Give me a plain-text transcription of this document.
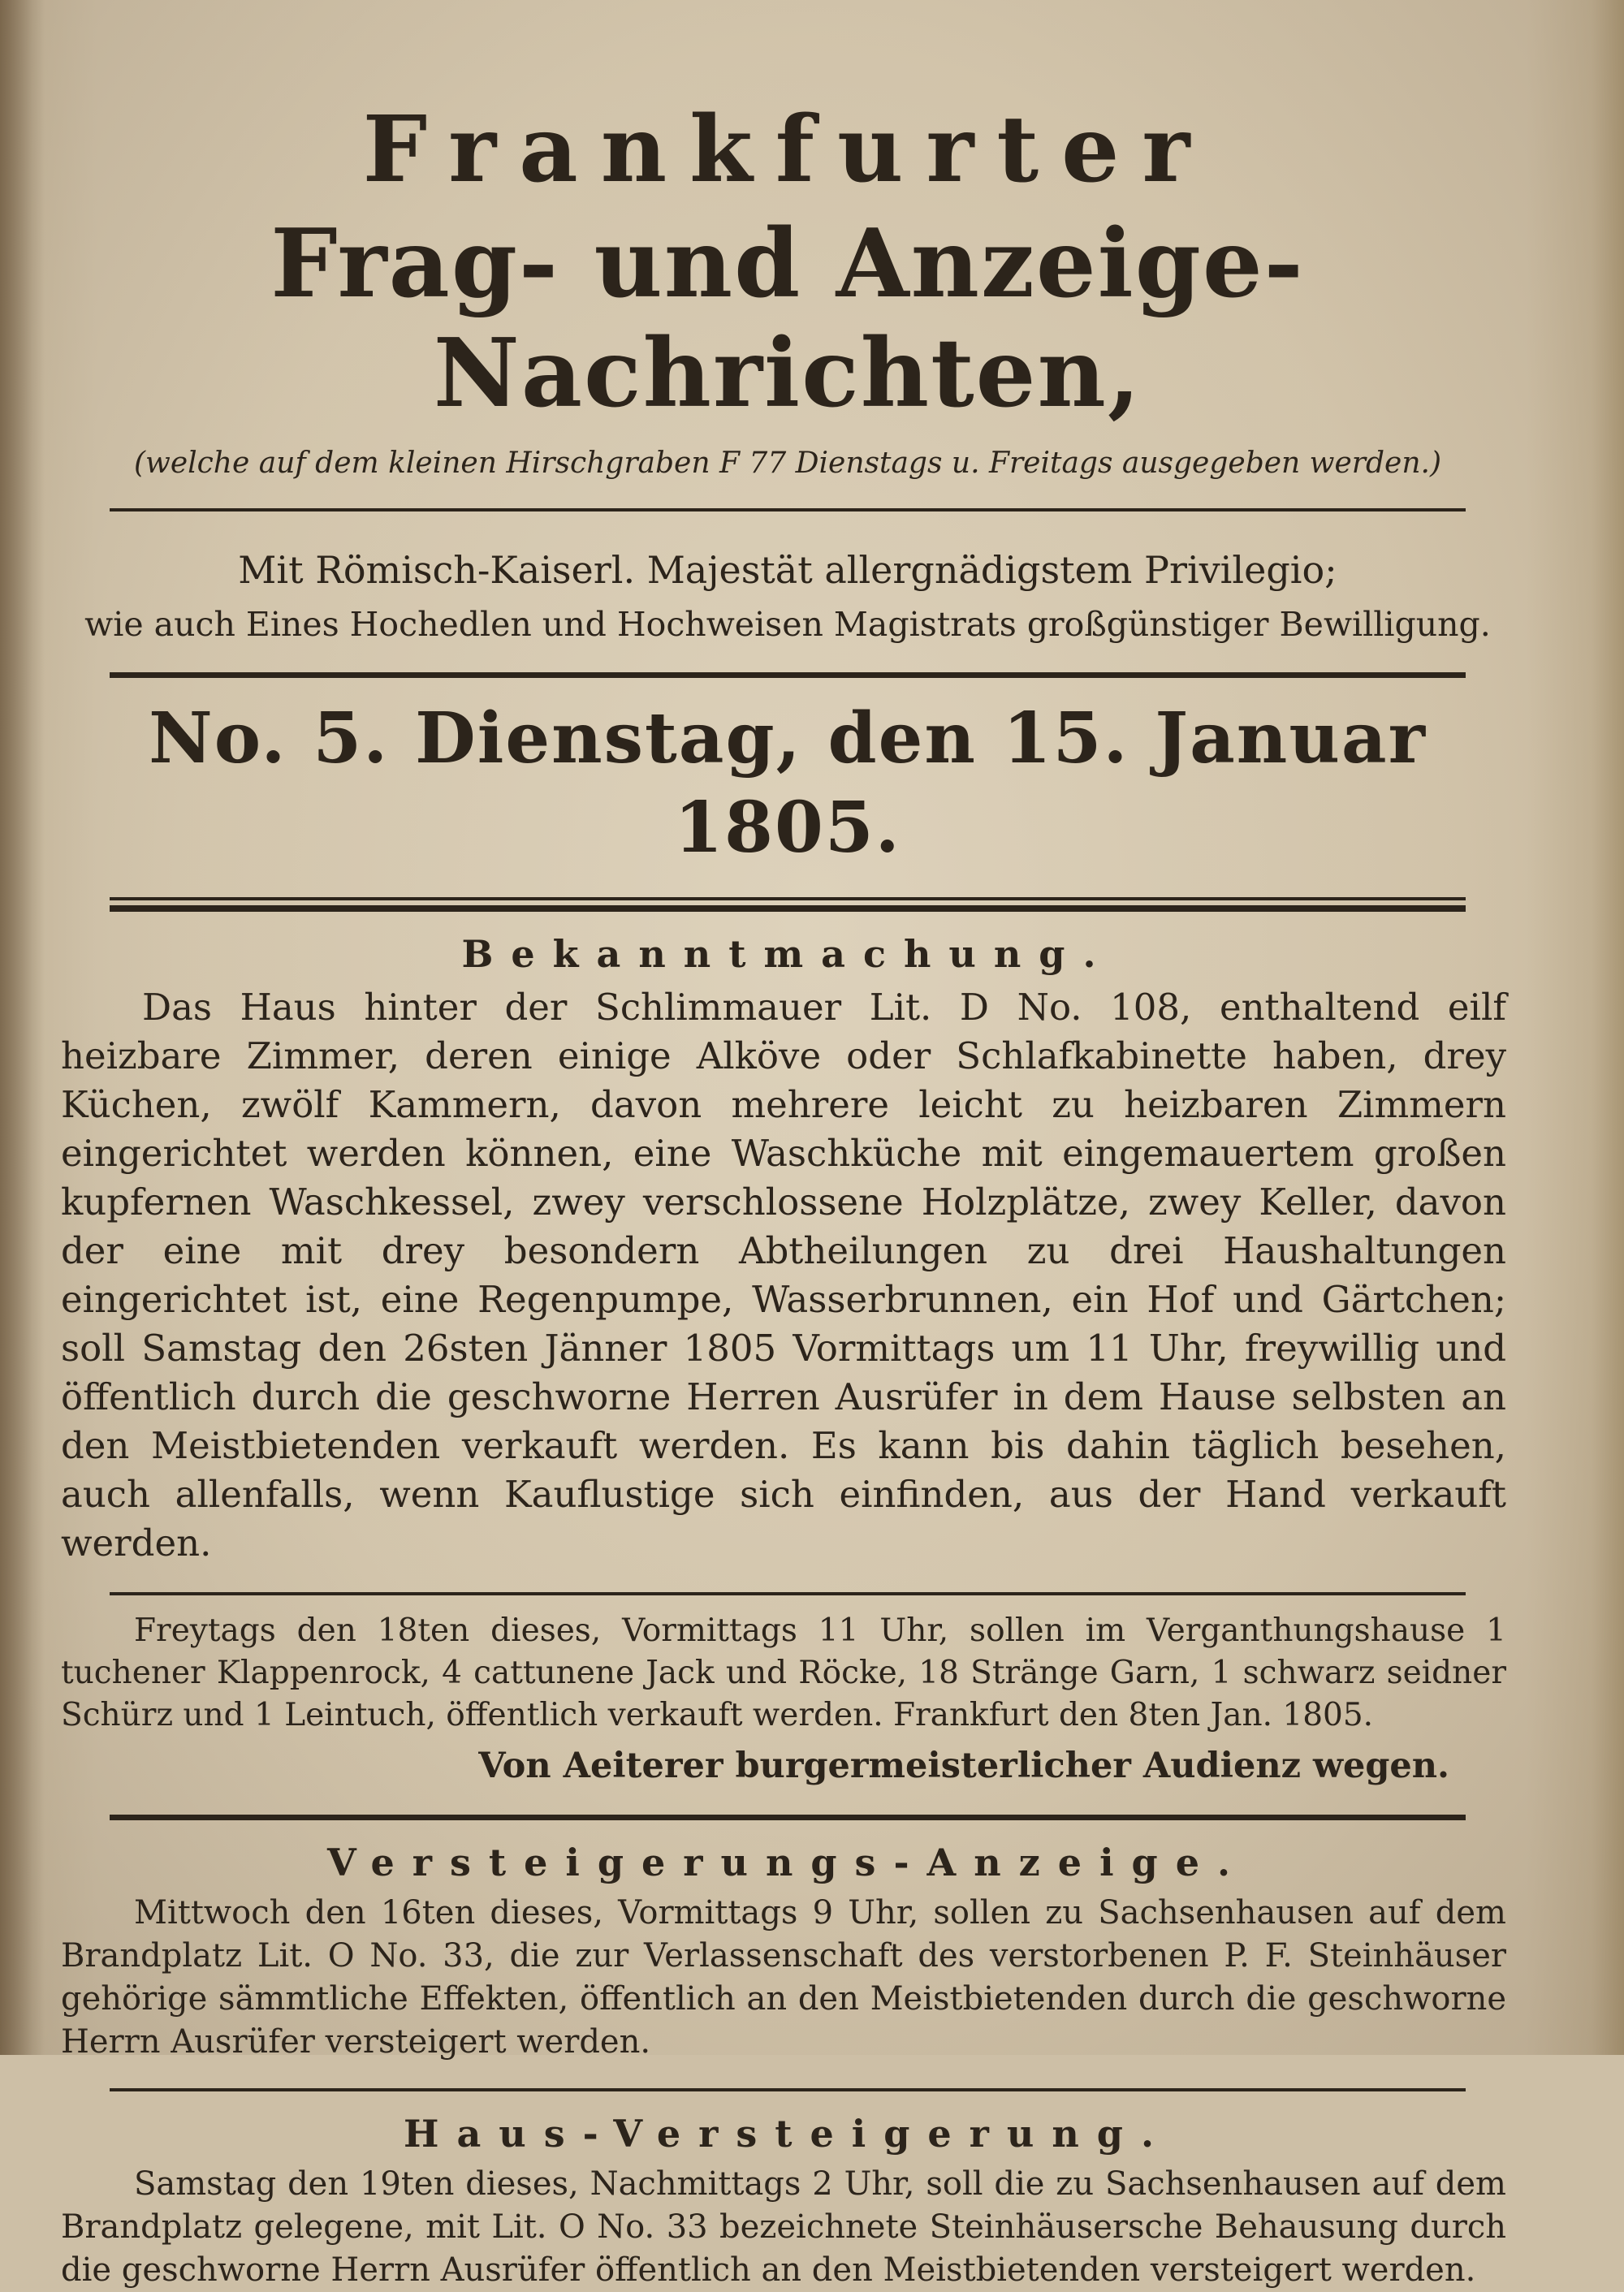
Frankfurter
Frag- und Anzeige-Nachrichten,

(welche auf dem kleinen Hirschgraben F 77 Dienstags u. Freitags ausgegeben werden.)

Mit Römisch-Kaiserl. Majestät allergnädigstem Privilegio;

wie auch Eines Hochedlen und Hochweisen Magistrats großgünstiger Bewilligung.

No. 5. Dienstag, den 15. Januar 1805.

Bekanntmachung.

Das Haus hinter der Schlimmauer Lit. D No. 108, enthaltend eilf heizbare Zimmer, deren einige Alköve oder Schlafkabinette haben, drey Küchen, zwölf Kammern, davon mehrere leicht zu heizbaren Zimmern eingerichtet werden können, eine Waschküche mit eingemauertem großen kupfernen Waschkessel, zwey verschlossene Holzplätze, zwey Keller, davon der eine mit drey besondern Abtheilungen zu drei Haushaltungen eingerichtet ist, eine Regenpumpe, Wasserbrunnen, ein Hof und Gärtchen; soll Samstag den 26sten Jänner 1805 Vormittags um 11 Uhr, freywillig und öffentlich durch die geschworne Herren Ausrüfer in dem Hause selbsten an den Meistbietenden verkauft werden. Es kann bis dahin täglich besehen, auch allenfalls, wenn Kauflustige sich einfinden, aus der Hand verkauft werden.

Freytags den 18ten dieses, Vormittags 11 Uhr, sollen im Verganthungshause 1 tuchener Klappenrock, 4 cattunene Jack und Röcke, 18 Stränge Garn, 1 schwarz seidner Schürz und 1 Leintuch, öffentlich verkauft werden. Frankfurt den 8ten Jan. 1805.

Von Aeiterer burgermeisterlicher Audienz wegen.

Versteigerungs-Anzeige.

Mittwoch den 16ten dieses, Vormittags 9 Uhr, sollen zu Sachsenhausen auf dem Brandplatz Lit. O No. 33, die zur Verlassenschaft des verstorbenen P. F. Steinhäuser gehörige sämmtliche Effekten, öffentlich an den Meistbietenden durch die geschworne Herrn Ausrüfer versteigert werden.

Haus-Versteigerung.

Samstag den 19ten dieses, Nachmittags 2 Uhr, soll die zu Sachsenhausen auf dem Brandplatz gelegene, mit Lit. O No. 33 bezeichnete Steinhäusersche Behausung durch die geschworne Herrn Ausrüfer öffentlich an den Meistbietenden versteigert werden.
